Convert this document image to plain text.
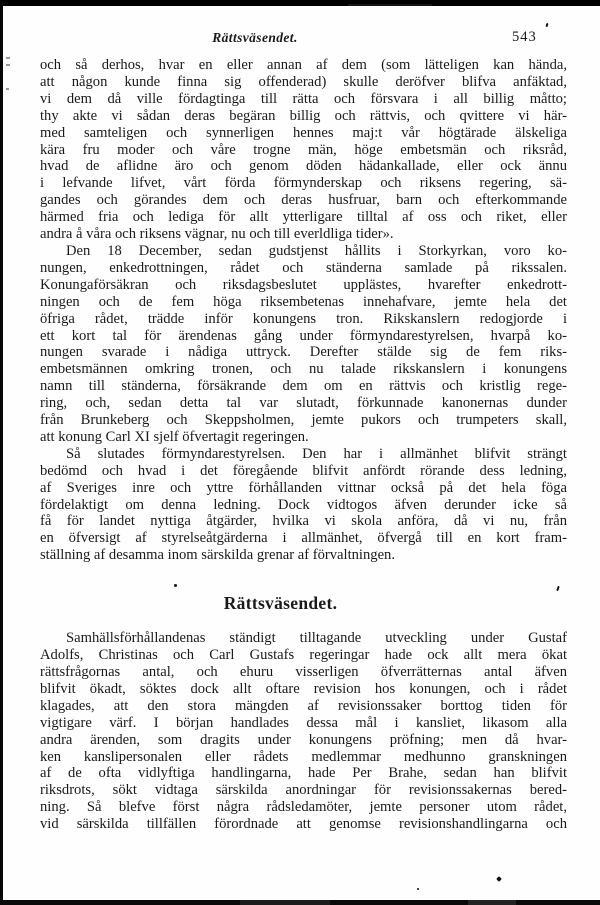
Rättsväsendet.	543
och så derhos, hvar en eller annan af dem (som lätteligen kan hända,
att någon kunde finna sig offenderad) skulle deröfver blifva anfäktad,
vi dem då ville fördagtinga till rätta och försvara i all billig måtto;
thy akte vi sådan deras begäran billig och rättvis, och qvittere vi här-
med samteligen och synnerligen hennes maj:t vår högtärade älskeliga
kära fru moder och våre trogne män, höge embetsmän och riksråd,
hvad de aflidne äro och genom döden hädankallade, eller ock ännu
i lefvande lifvet, vårt förda förmynderskap och riksens regering, sä-
gandes och görandes dem och deras husfruar, barn och efterkommande
härmed fria och lediga för allt ytterligare tilltal af oss och riket, eller
andra å våra och riksens vägnar, nu och till everldliga tider».
Den 18 December, sedan gudstjenst hållits i Storkyrkan, voro ko-
nungen, enkedrottningen, rådet och ständerna samlade på rikssalen.
Konungaförsäkran och riksdagsbeslutet upplästes, hvarefter enkedrott-
ningen och de fem höga riksembetenas innehafvare, jemte hela det
öfriga rådet, trädde inför konungens tron. Rikskanslern redogjorde i
ett kort tal för ärendenas gång under förmyndarestyrelsen, hvarpå ko-
nungen svarade i nådiga uttryck. Derefter stälde sig de fem riks-
embetsmännen omkring tronen, och nu talade rikskanslern i konungens
namn till ständerna, försäkrande dem om en rättvis och kristlig rege-
ring, och, sedan detta tal var slutadt, förkunnade kanonernas dunder
från Brunkeberg och Skeppsholmen, jemte pukors och trumpeters skall,
att konung Carl XI sjelf öfvertagit regeringen.
Så slutades förmyndarestyrelsen. Den har i allmänhet blifvit strängt
bedömd och hvad i det föregående blifvit anfördt rörande dess ledning,
af Sveriges inre och yttre förhållanden vittnar också på det hela föga
fördelaktigt om denna ledning. Dock vidtogos äfven derunder icke så
få för landet nyttiga åtgärder, hvilka vi skola anföra, då vi nu, från
en öfversigt af styrelseåtgärderna i allmänhet, öfvergå till en kort fram-
ställning af desamma inom särskilda grenar af förvaltningen.
Rättsväsendet.
Samhällsförhållandenas ständigt tilltagande utveckling under Gustaf
Adolfs, Christinas och Carl Gustafs regeringar hade ock allt mera ökat
rättsfrågornas antal, och ehuru visserligen öfverrätternas antal äfven
blifvit ökadt, söktes dock allt oftare revision hos konungen, och i rådet
klagades, att den stora mängden af revisionssaker borttog tiden för
vigtigare värf. I början handlades dessa mål i kansliet, likasom alla
andra ärenden, som dragits under konungens pröfning; men då hvar-
ken kanslipersonalen eller rådets medlemmar medhunno granskningen
af de ofta vidlyftiga handlingarna, hade Per Brahe, sedan han blifvit
riksdrots, sökt vidtaga särskilda anordningar för revisionssakernas bered-
ning. Så blefve först några rådsledamöter, jemte personer utom rådet,
vid särskilda tillfällen förordnade att genomse revisionshandlingarna och
